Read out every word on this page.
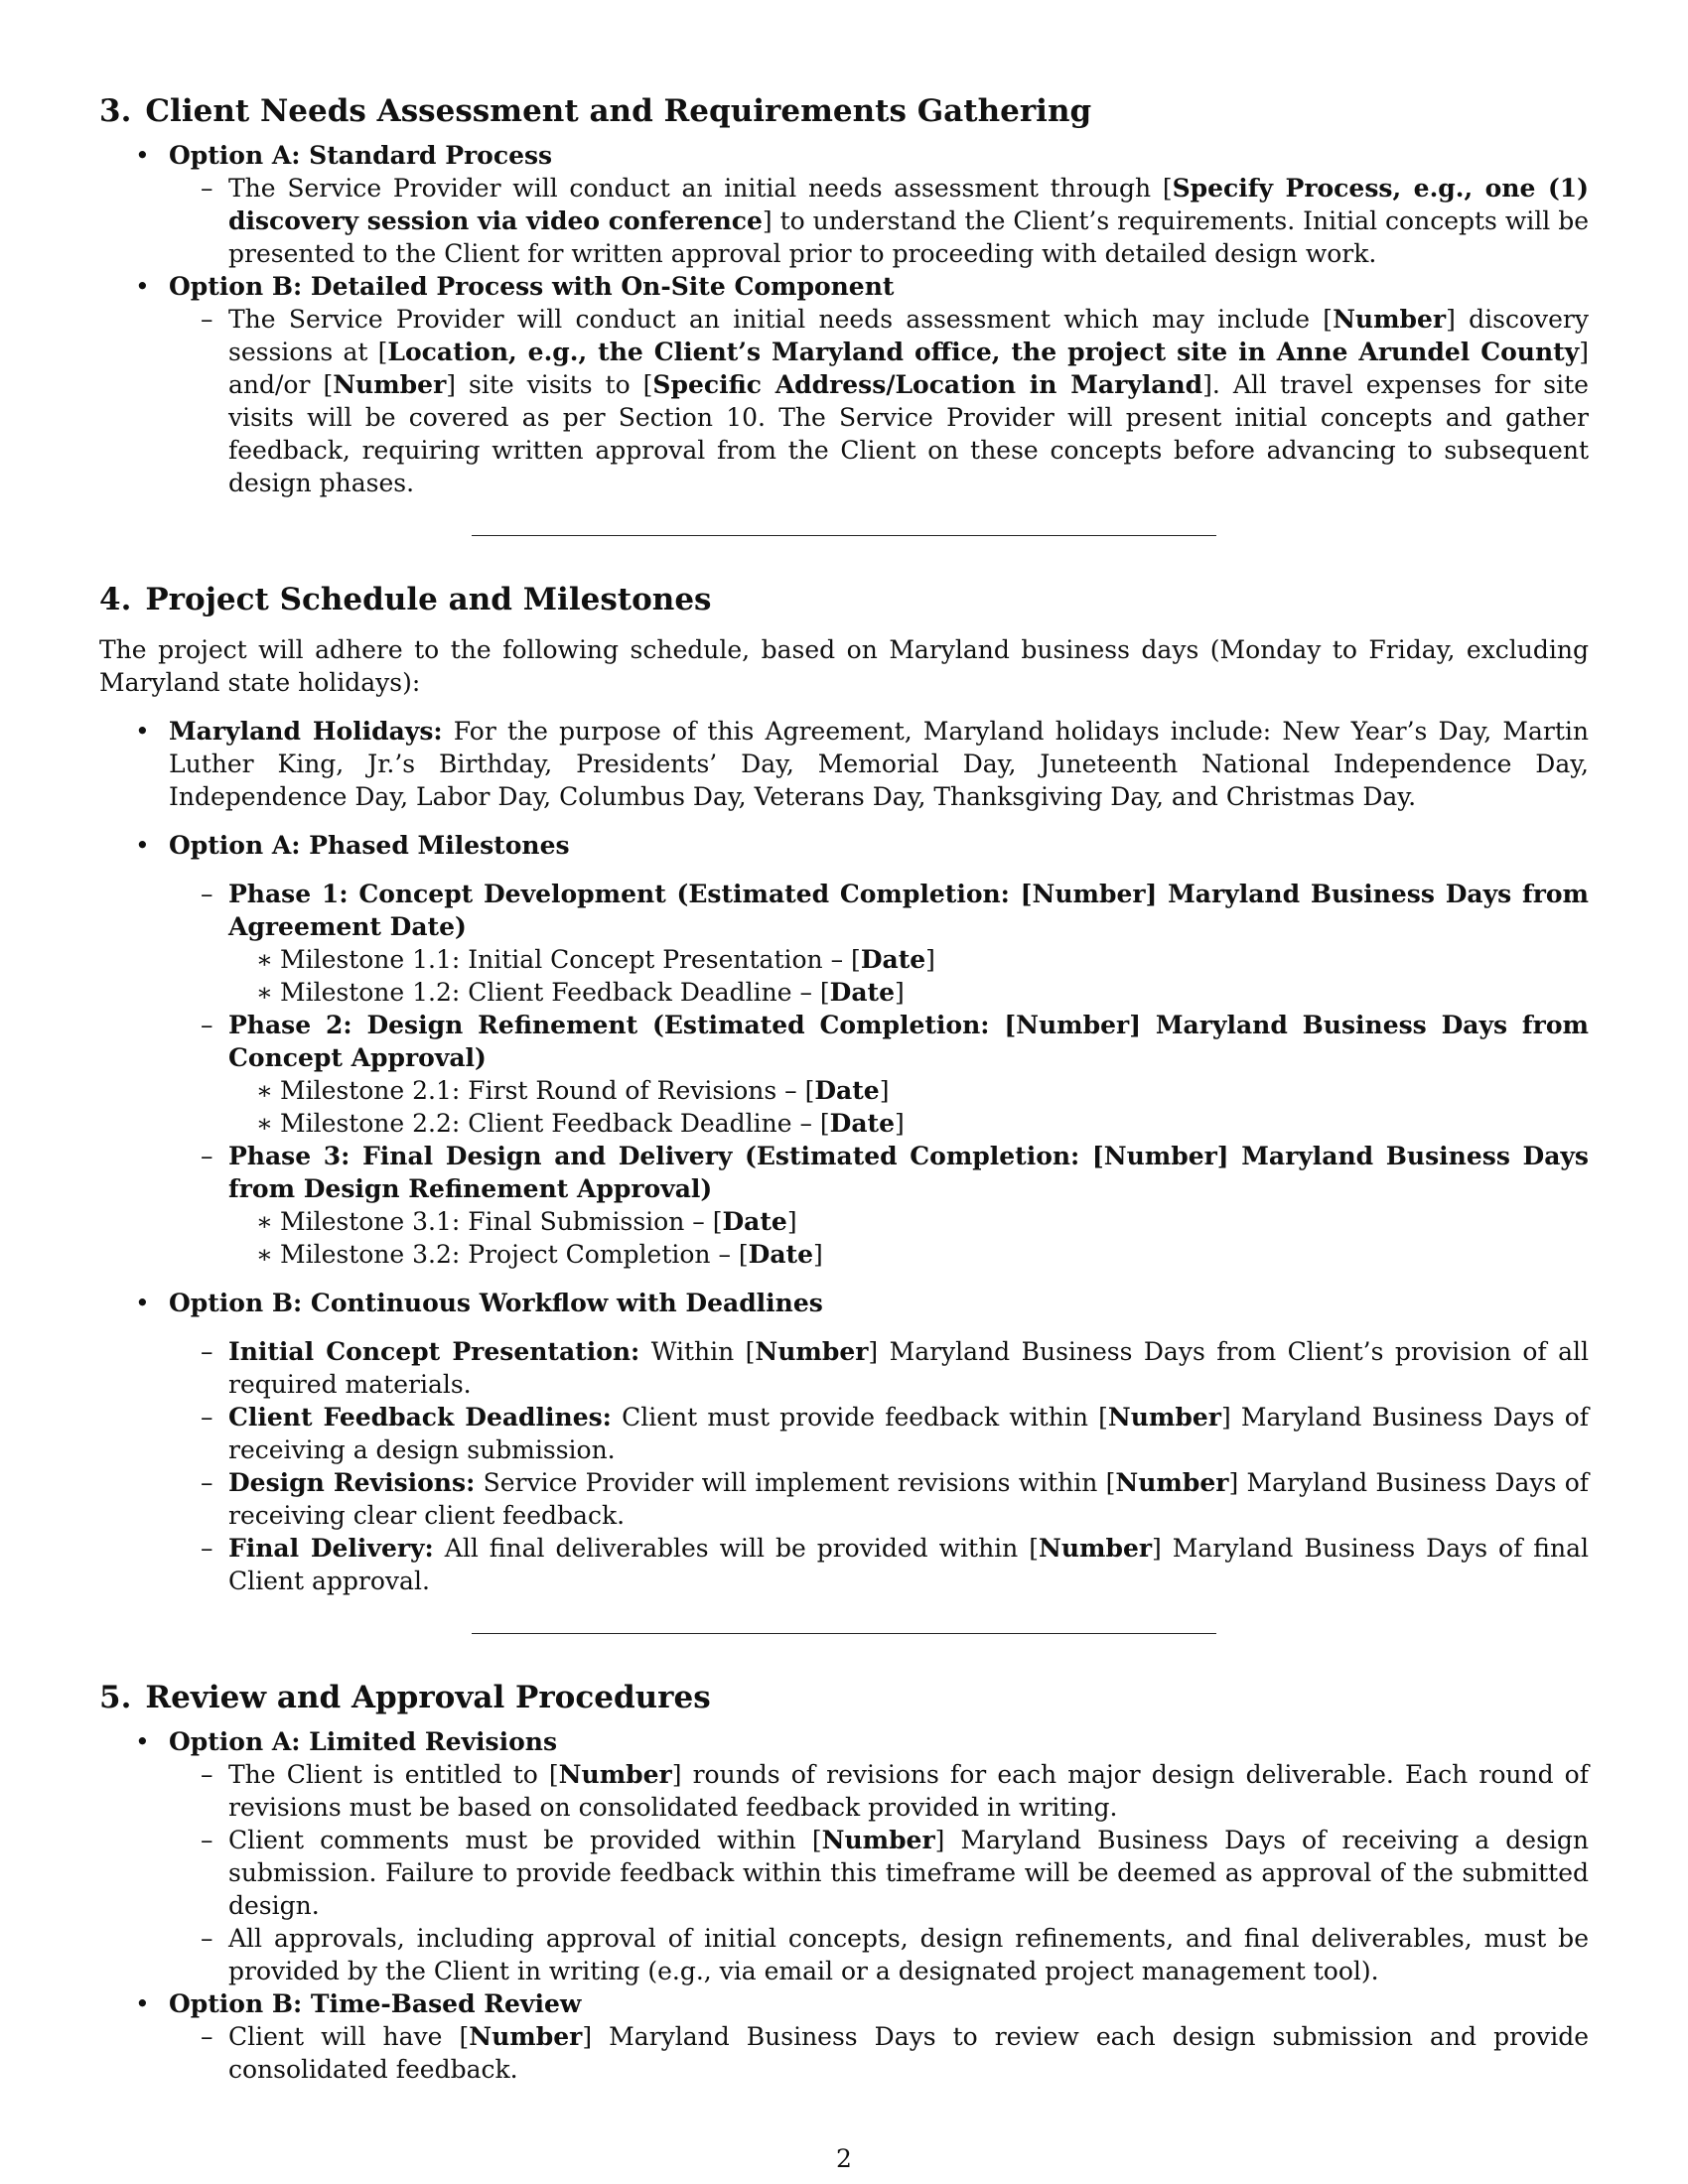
3. Client Needs Assessment and Requirements Gathering
• Option A: Standard Process
– The Service Provider will conduct an initial needs assessment through [Specify Process, e.g., one (1) discovery session via video conference] to understand the Client’s requirements. Initial concepts will be presented to the Client for written approval prior to proceeding with detailed design work.
• Option B: Detailed Process with On-Site Component
– The Service Provider will conduct an initial needs assessment which may include [Number] discovery sessions at [Location, e.g., the Client’s Maryland office, the project site in Anne Arundel County] and/or [Number] site visits to [Specific Address/Location in Maryland]. All travel expenses for site visits will be covered as per Section 10. The Service Provider will present initial concepts and gather feedback, requiring written approval from the Client on these concepts before advancing to subsequent design phases.
4. Project Schedule and Milestones

The project will adhere to the following schedule, based on Maryland business days (Monday to Friday, excluding Maryland state holidays):

• Maryland Holidays: For the purpose of this Agreement, Maryland holidays include: New Year’s Day, Martin Luther King, Jr.’s Birthday, Presidents’ Day, Memorial Day, Juneteenth National Independence Day, Independence Day, Labor Day, Columbus Day, Veterans Day, Thanksgiving Day, and Christmas Day.
• Option A: Phased Milestones
– Phase 1: Concept Development (Estimated Completion: [Number] Maryland Business Days from Agreement Date)
∗ Milestone 1.1: Initial Concept Presentation – [Date]
∗ Milestone 1.2: Client Feedback Deadline – [Date]
– Phase 2: Design Refinement (Estimated Completion: [Number] Maryland Business Days from Concept Approval)
∗ Milestone 2.1: First Round of Revisions – [Date]
∗ Milestone 2.2: Client Feedback Deadline – [Date]
– Phase 3: Final Design and Delivery (Estimated Completion: [Number] Maryland Business Days from Design Refinement Approval)
∗ Milestone 3.1: Final Submission – [Date]
∗ Milestone 3.2: Project Completion – [Date]
• Option B: Continuous Workflow with Deadlines
– Initial Concept Presentation: Within [Number] Maryland Business Days from Client’s provision of all required materials.
– Client Feedback Deadlines: Client must provide feedback within [Number] Maryland Business Days of receiving a design submission.
– Design Revisions: Service Provider will implement revisions within [Number] Maryland Business Days of receiving clear client feedback.
– Final Delivery: All final deliverables will be provided within [Number] Maryland Business Days of final Client approval.
5. Review and Approval Procedures
• Option A: Limited Revisions
– The Client is entitled to [Number] rounds of revisions for each major design deliverable. Each round of revisions must be based on consolidated feedback provided in writing.
– Client comments must be provided within [Number] Maryland Business Days of receiving a design submission. Failure to provide feedback within this timeframe will be deemed as approval of the submitted design.
– All approvals, including approval of initial concepts, design refinements, and final deliverables, must be provided by the Client in writing (e.g., via email or a designated project management tool).
• Option B: Time-Based Review
– Client will have [Number] Maryland Business Days to review each design submission and provide consolidated feedback.
2
